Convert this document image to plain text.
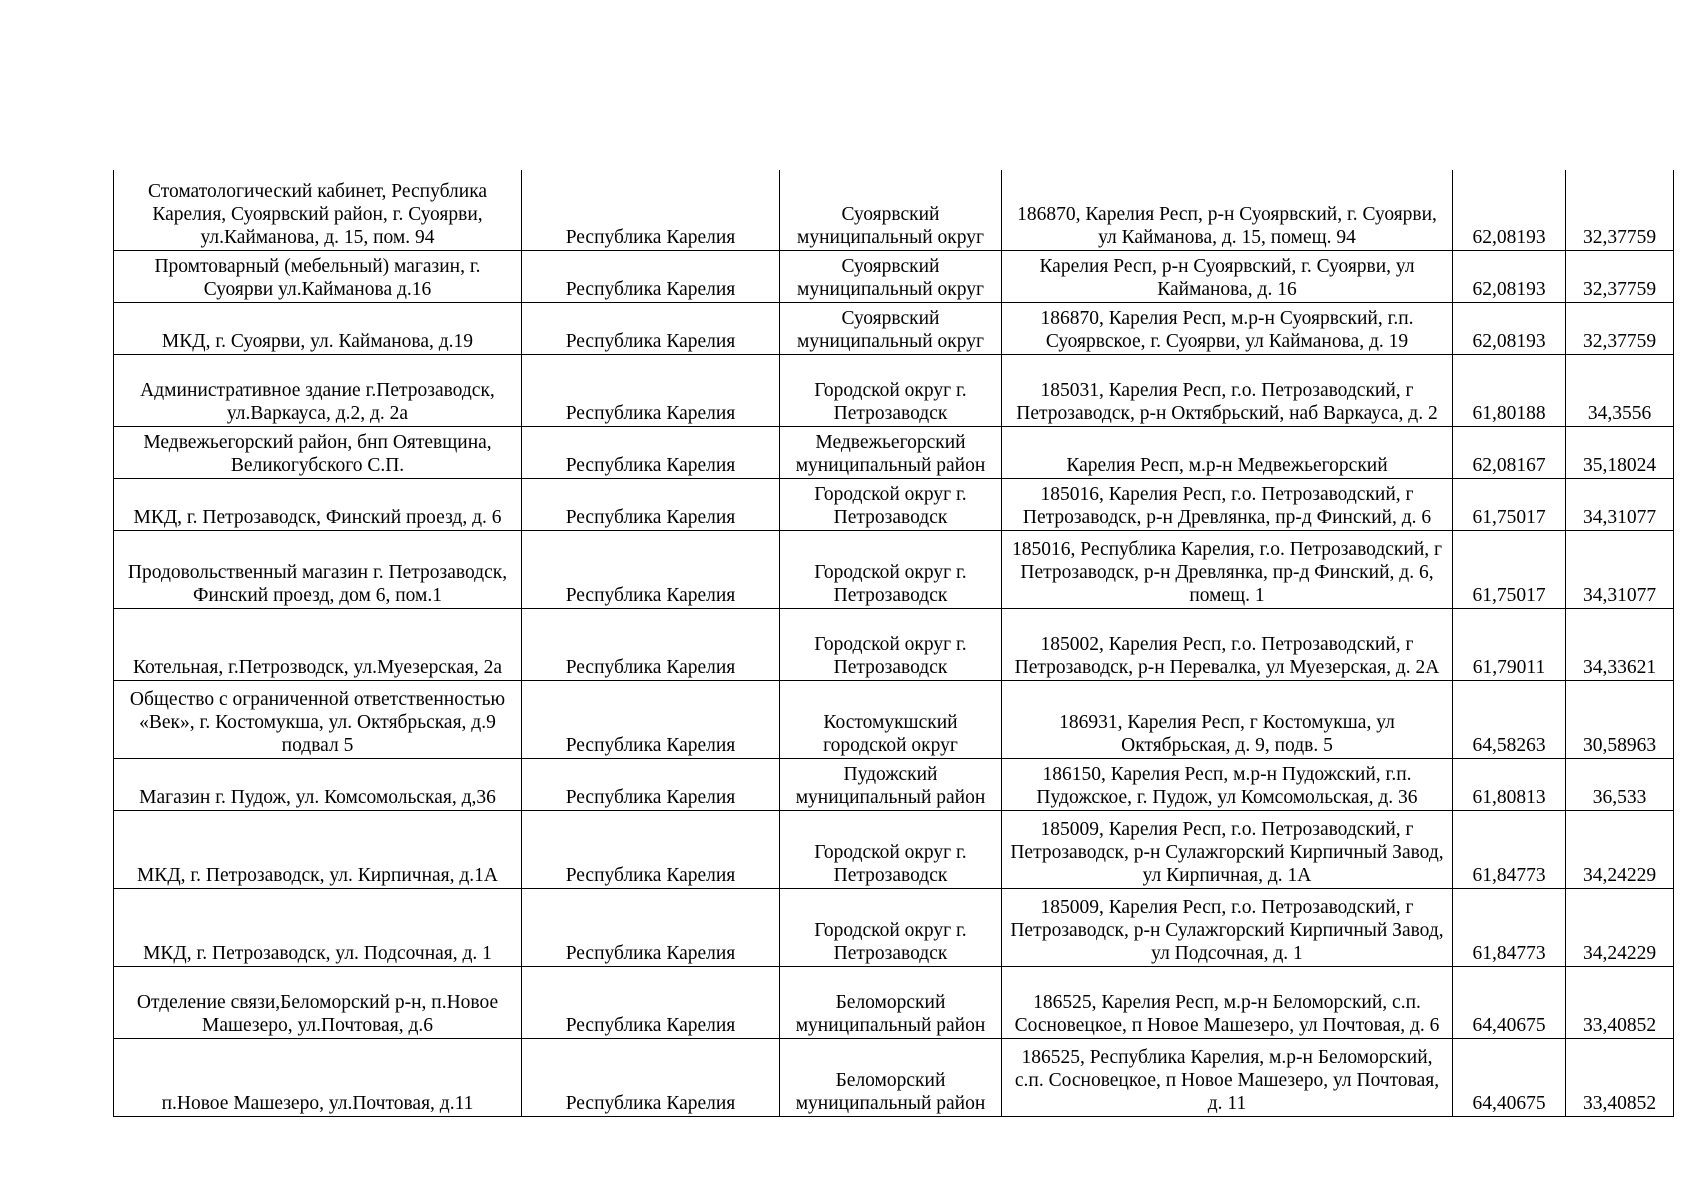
Стоматологический кабинет, Республика Карелия, Суоярвский район, г. Суоярви, ул.Кайманова, д. 15, пом. 94	Республика Карелия	Суоярвский муниципальный округ	186870, Карелия Респ, р-н Суоярвский, г. Суоярви, ул Кайманова, д. 15, помещ. 94	62,08193	32,37759
Промтоварный (мебельный) магазин, г. Суоярви ул.Кайманова д.16	Республика Карелия	Суоярвский муниципальный округ	Карелия Респ, р-н Суоярвский, г. Суоярви, ул Кайманова, д. 16	62,08193	32,37759
МКД, г. Суоярви, ул. Кайманова, д.19	Республика Карелия	Суоярвский муниципальный округ	186870, Карелия Респ, м.р-н Суоярвский, г.п. Суоярвское, г. Суоярви, ул Кайманова, д. 19	62,08193	32,37759
Административное здание г.Петрозаводск, ул.Варкауса, д.2, д. 2а	Республика Карелия	Городской округ г. Петрозаводск	185031, Карелия Респ, г.о. Петрозаводский, г Петрозаводск, р-н Октябрьский, наб Варкауса, д. 2	61,80188	34,3556
Медвежьегорский район, бнп Оятевщина, Великогубского С.П.	Республика Карелия	Медвежьегорский муниципальный район	Карелия Респ, м.р-н Медвежьегорский	62,08167	35,18024
МКД, г. Петрозаводск, Финский проезд, д. 6	Республика Карелия	Городской округ г. Петрозаводск	185016, Карелия Респ, г.о. Петрозаводский, г Петрозаводск, р-н Древлянка, пр-д Финский, д. 6	61,75017	34,31077
Продовольственный магазин г. Петрозаводск, Финский проезд, дом 6, пом.1	Республика Карелия	Городской округ г. Петрозаводск	185016, Республика Карелия, г.о. Петрозаводский, г Петрозаводск, р-н Древлянка, пр-д Финский, д. 6, помещ. 1	61,75017	34,31077
Котельная, г.Петрозводск, ул.Муезерская, 2а	Республика Карелия	Городской округ г. Петрозаводск	185002, Карелия Респ, г.о. Петрозаводский, г Петрозаводск, р-н Перевалка, ул Муезерская, д. 2А	61,79011	34,33621
Общество с ограниченной ответственностью «Век», г. Костомукша, ул. Октябрьская, д.9 подвал 5	Республика Карелия	Костомукшский городской округ	186931, Карелия Респ, г Костомукша, ул Октябрьская, д. 9, подв. 5	64,58263	30,58963
Магазин г. Пудож, ул. Комсомольская, д,36	Республика Карелия	Пудожский муниципальный район	186150, Карелия Респ, м.р-н Пудожский, г.п. Пудожское, г. Пудож, ул Комсомольская, д. 36	61,80813	36,533
МКД, г. Петрозаводск, ул. Кирпичная, д.1А	Республика Карелия	Городской округ г. Петрозаводск	185009, Карелия Респ, г.о. Петрозаводский, г Петрозаводск, р-н Сулажгорский Кирпичный Завод, ул Кирпичная, д. 1А	61,84773	34,24229
МКД, г. Петрозаводск, ул. Подсочная, д. 1	Республика Карелия	Городской округ г. Петрозаводск	185009, Карелия Респ, г.о. Петрозаводский, г Петрозаводск, р-н Сулажгорский Кирпичный Завод, ул Подсочная, д. 1	61,84773	34,24229
Отделение связи,Беломорский р-н, п.Новое Машезеро, ул.Почтовая, д.6	Республика Карелия	Беломорский муниципальный район	186525, Карелия Респ, м.р-н Беломорский, с.п. Сосновецкое, п Новое Машезеро, ул Почтовая, д. 6	64,40675	33,40852
п.Новое Машезеро, ул.Почтовая, д.11	Республика Карелия	Беломорский муниципальный район	186525, Республика Карелия, м.р-н Беломорский, с.п. Сосновецкое, п Новое Машезеро, ул Почтовая, д. 11	64,40675	33,40852
